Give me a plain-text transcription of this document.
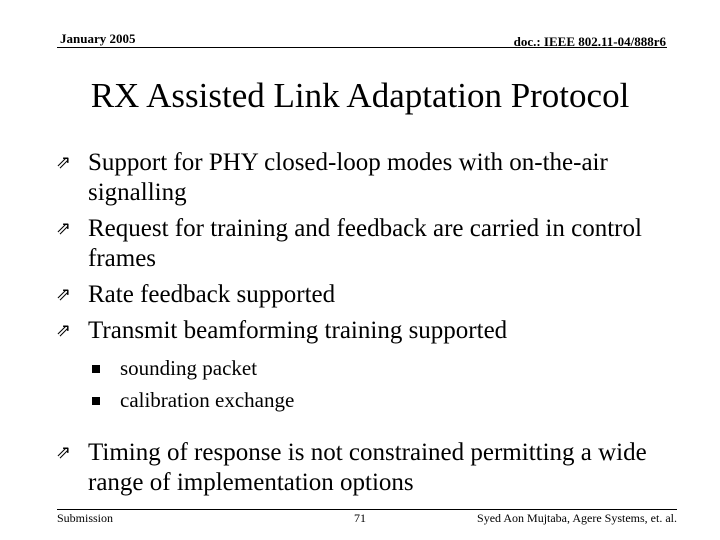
January 2005	doc.: IEEE 802.11-04/888r6
RX Assisted Link Adaptation Protocol
⇗ Support for PHY closed-loop modes with on-the-air signalling
⇗ Request for training and feedback are carried in control frames
⇗ Rate feedback supported
⇗ Transmit beamforming training supported
sounding packet
calibration exchange
⇗ Timing of response is not constrained permitting a wide range of implementation options
Submission	71	Syed Aon Mujtaba, Agere Systems, et. al.
